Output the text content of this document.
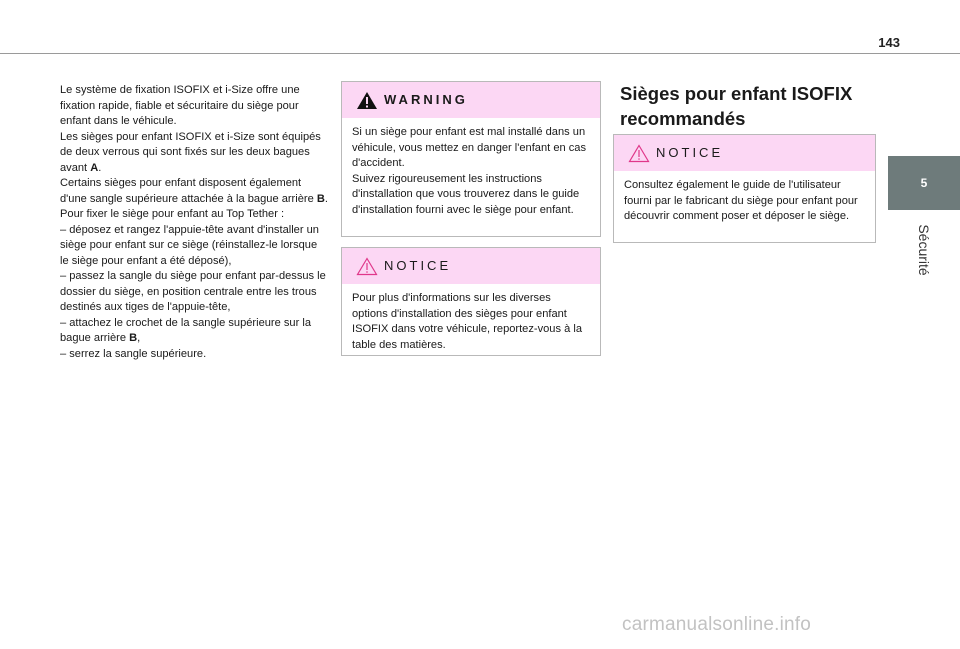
143

Le système de fixation ISOFIX et i-Size offre une fixation rapide, fiable et sécuritaire du siège pour enfant dans le véhicule.

Les sièges pour enfant ISOFIX et i-Size sont équipés de deux verrous qui sont fixés sur les deux bagues avant A.

Certains sièges pour enfant disposent également d'une sangle supérieure attachée à la bague arrière B.

Pour fixer le siège pour enfant au Top Tether :

– déposez et rangez l'appuie-tête avant d'installer un siège pour enfant sur ce siège (réinstallez-le lorsque le siège pour enfant a été déposé),

– passez la sangle du siège pour enfant par-dessus le dossier du siège, en position centrale entre les trous destinés aux tiges de l'appuie-tête,

– attachez le crochet de la sangle supérieure sur la bague arrière B,

– serrez la sangle supérieure.

WARNING

Si un siège pour enfant est mal installé dans un véhicule, vous mettez en danger l'enfant en cas d'accident.

Suivez rigoureusement les instructions d'installation que vous trouverez dans le guide d'installation fourni avec le siège pour enfant.

NOTICE

Pour plus d'informations sur les diverses options d'installation des sièges pour enfant ISOFIX dans votre véhicule, reportez-vous à la table des matières.

Sièges pour enfant ISOFIX recommandés
NOTICE

Consultez également le guide de l'utilisateur fourni par le fabricant du siège pour enfant pour découvrir comment poser et déposer le siège.

5
Sécurité
carmanualsonline.info
